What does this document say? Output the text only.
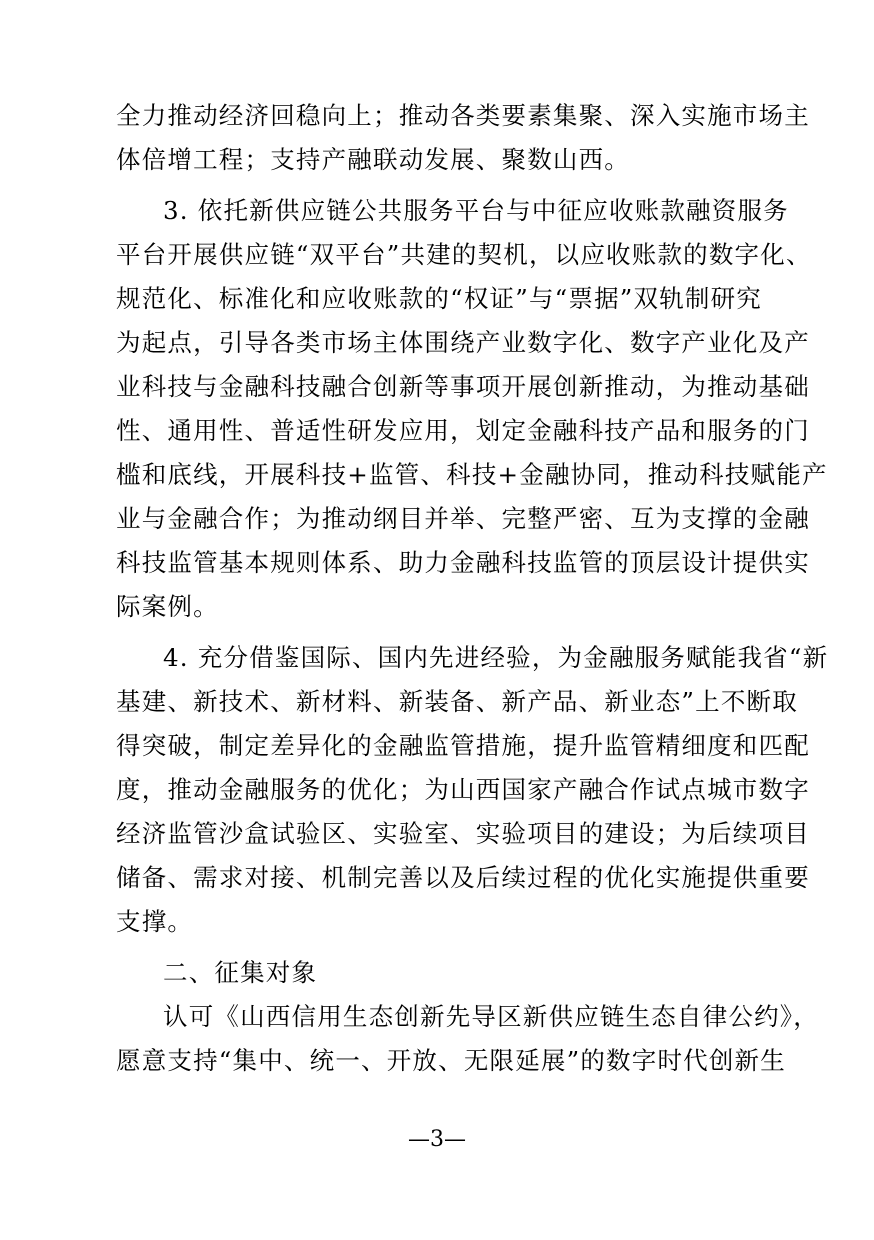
全力推动经济回稳向上；推动各类要素集聚、深入实施市场主
体倍增工程；支持产融联动发展、聚数山西。
3. 依托新供应链公共服务平台与中征应收账款融资服务
平台开展供应链“双平台”共建的契机，以应收账款的数字化、
规范化、标准化和应收账款的“权证”与“票据”双轨制研究
为起点，引导各类市场主体围绕产业数字化、数字产业化及产
业科技与金融科技融合创新等事项开展创新推动，为推动基础
性、通用性、普适性研发应用，划定金融科技产品和服务的门
槛和底线，开展科技+监管、科技+金融协同，推动科技赋能产
业与金融合作；为推动纲目并举、完整严密、互为支撑的金融
科技监管基本规则体系、助力金融科技监管的顶层设计提供实
际案例。
4. 充分借鉴国际、国内先进经验，为金融服务赋能我省“新
基建、新技术、新材料、新装备、新产品、新业态”上不断取
得突破，制定差异化的金融监管措施，提升监管精细度和匹配
度，推动金融服务的优化；为山西国家产融合作试点城市数字
经济监管沙盒试验区、实验室、实验项目的建设；为后续项目
储备、需求对接、机制完善以及后续过程的优化实施提供重要
支撑。
二、征集对象
认可《山西信用生态创新先导区新供应链生态自律公约》，
愿意支持“集中、统一、开放、无限延展”的数字时代创新生
—3—
